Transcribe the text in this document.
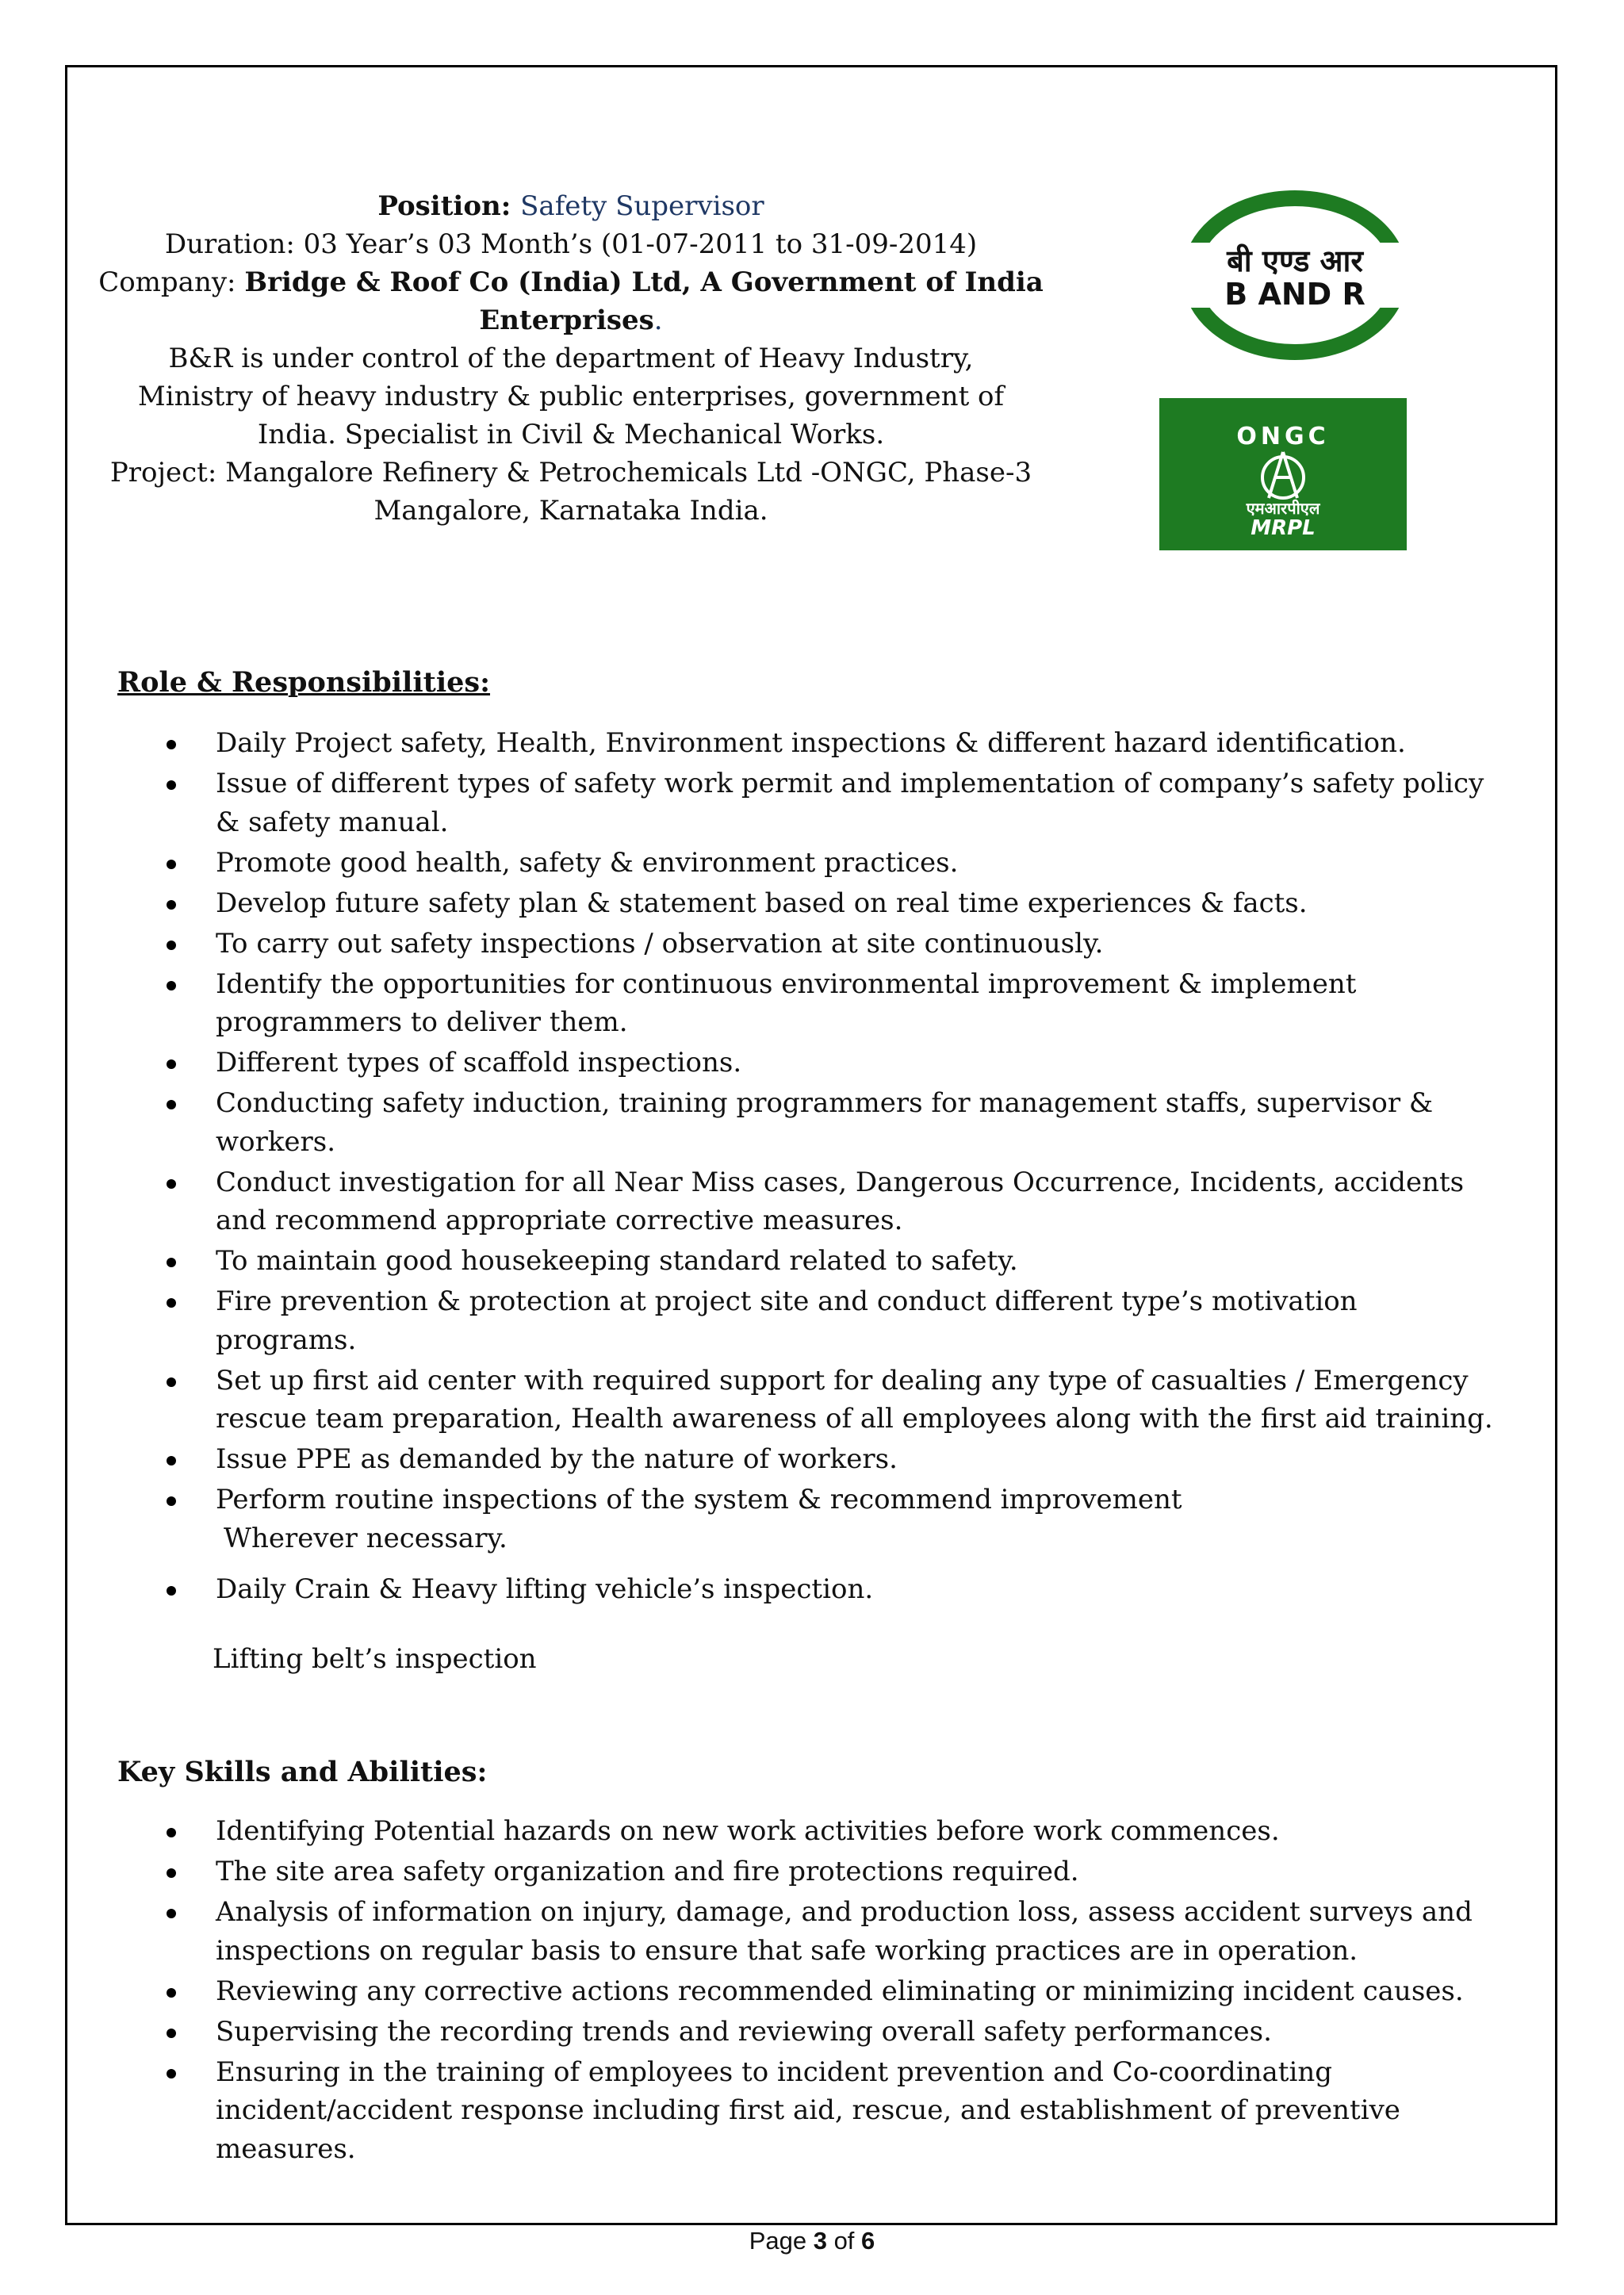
Position: Safety Supervisor
Duration: 03 Year’s 03 Month’s (01-07-2011 to 31-09-2014)
Company: Bridge & Roof Co (India) Ltd, A Government of India
Enterprises.
B&R is under control of the department of Heavy Industry,
Ministry of heavy industry & public enterprises, government of
India. Specialist in Civil & Mechanical Works.
Project: Mangalore Refinery & Petrochemicals Ltd -ONGC, Phase-3
Mangalore, Karnataka India.
बी एण्ड आर
B AND R
ONGC
एमआरपीएल
MRPL
Role & Responsibilities:
Daily Project safety, Health, Environment inspections & different hazard identification.
Issue of different types of safety work permit and implementation of company’s safety policy & safety manual.
Promote good health, safety & environment practices.
Develop future safety plan & statement based on real time experiences & facts.
To carry out safety inspections / observation at site continuously.
Identify the opportunities for continuous environmental improvement & implement programmers to deliver them.
Different types of scaffold inspections.
Conducting safety induction, training programmers for management staffs, supervisor & workers.
Conduct investigation for all Near Miss cases, Dangerous Occurrence, Incidents, accidents and recommend appropriate corrective measures.
To maintain good housekeeping standard related to safety.
Fire prevention & protection at project site and conduct different type’s motivation programs.
Set up first aid center with required support for dealing any type of casualties / Emergency rescue team preparation, Health awareness of all employees along with the first aid training.
Issue PPE as demanded by the nature of workers.
Perform routine inspections of the system & recommend improvement
Wherever necessary.
Daily Crain & Heavy lifting vehicle’s inspection.
Lifting belt’s inspection
Key Skills and Abilities:
Identifying Potential hazards on new work activities before work commences.
The site area safety organization and fire protections required.
Analysis of information on injury, damage, and production loss, assess accident surveys and inspections on regular basis to ensure that safe working practices are in operation.
Reviewing any corrective actions recommended eliminating or minimizing incident causes.
Supervising the recording trends and reviewing overall safety performances.
Ensuring in the training of employees to incident prevention and Co-coordinating incident/accident response including first aid, rescue, and establishment of preventive measures.
Page 3 of 6
